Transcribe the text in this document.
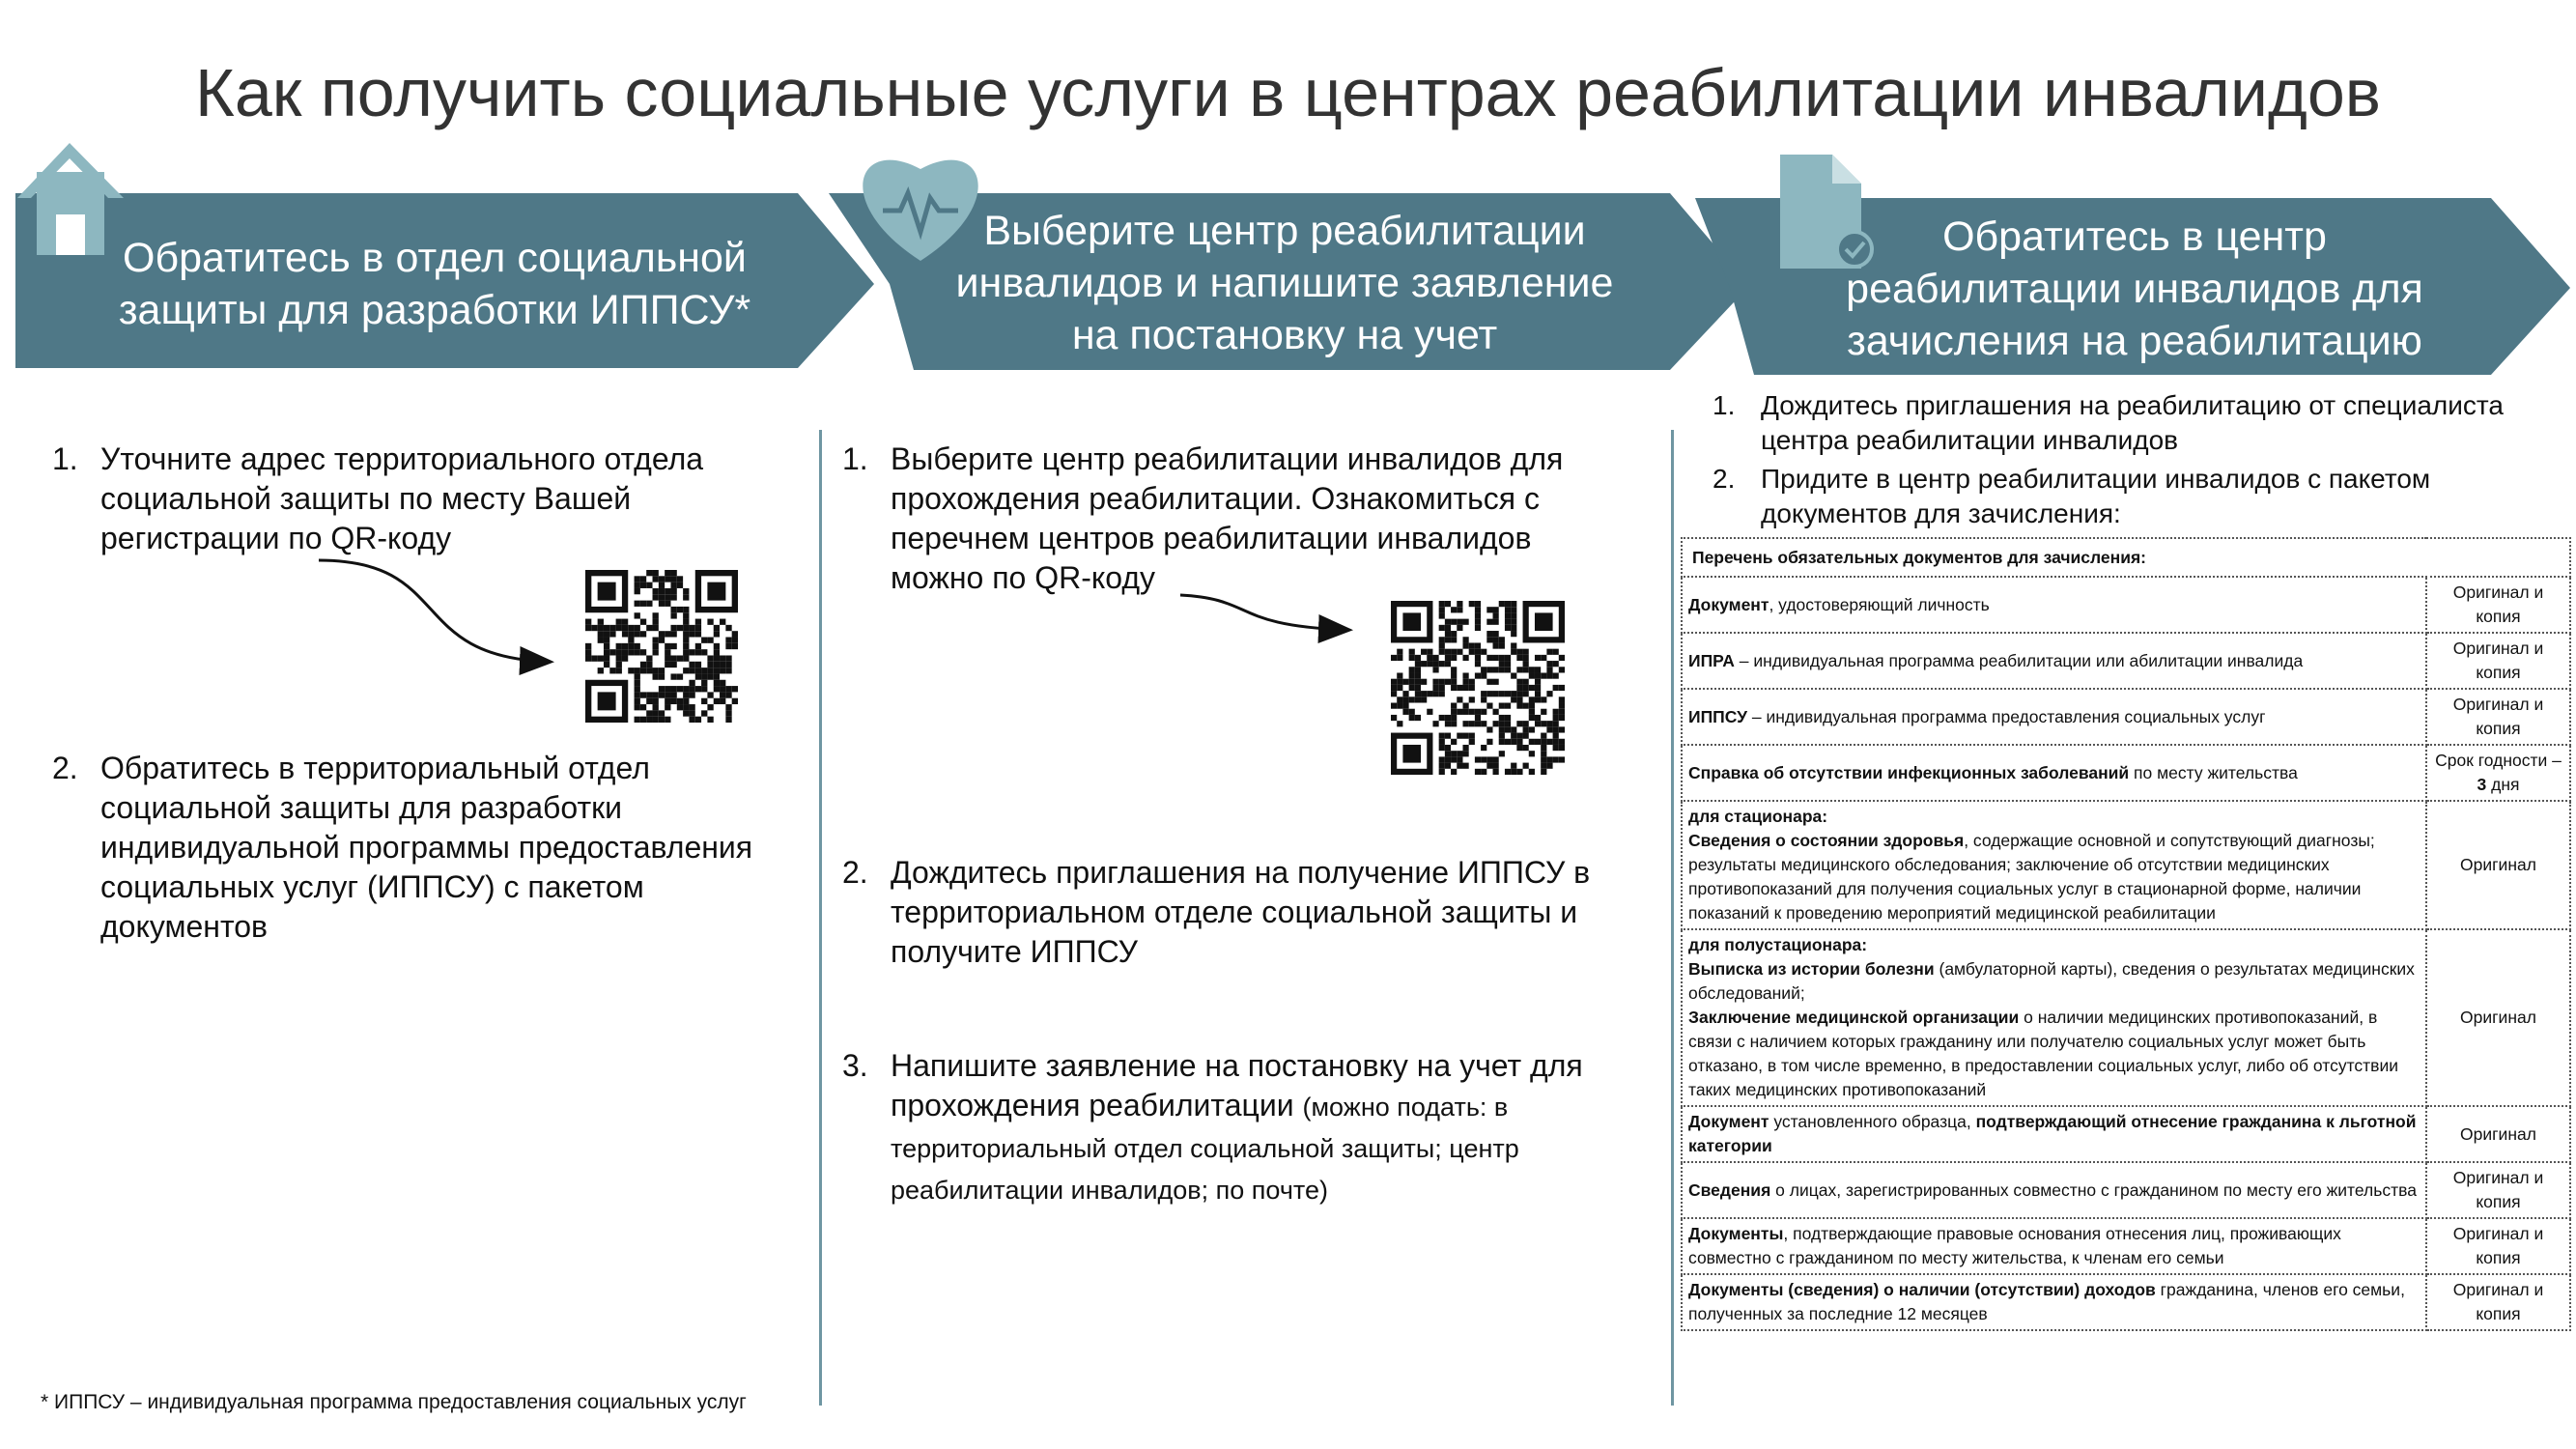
Как получить социальные услуги в центрах реабилитации инвалидов
Обратитесь в отдел социальной защиты для разработки ИППСУ*
Выберите центр реабилитации инвалидов и напишите заявление на постановку на учет
Обратитесь в центр реабилитации инвалидов для зачисления на реабилитацию
1. Уточните адрес территориального отдела социальной защиты по месту Вашей регистрации по QR-коду
2. Обратитесь в территориальный отдел социальной защиты для разработки индивидуальной программы предоставления социальных услуг (ИППСУ) с пакетом документов
1. Выберите центр реабилитации инвалидов для прохождения реабилитации. Ознакомиться с перечнем центров реабилитации инвалидов можно по QR-коду
2. Дождитесь приглашения на получение ИППСУ в территориальном отделе социальной защиты и получите ИППСУ
3. Напишите заявление на постановку на учет для прохождения реабилитации (можно подать: в территориальный отдел социальной защиты; центр реабилитации инвалидов; по почте)
1. Дождитесь приглашения на реабилитацию от специалиста центра реабилитации инвалидов
2. Придите в центр реабилитации инвалидов с пакетом документов для зачисления:
Перечень обязательных документов для зачисления:	
Документ, удостоверяющий личность	Оригинал и копия
ИПРА – индивидуальная программа реабилитации или абилитации инвалида	Оригинал и копия
ИППСУ – индивидуальная программа предоставления социальных услуг	Оригинал и копия
Справка об отсутствии инфекционных заболеваний по месту жительства	Срок годности –
3 дня

для стационара:
Сведения о состоянии здоровья, содержащие основной и сопутствующий диагнозы; результаты медицинского обследования; заключение об отсутствии медицинских противопоказаний для получения социальных услуг в стационарной форме, наличии показаний к проведению мероприятий медицинской реабилитации	Оригинал

для полустационара:
Выписка из истории болезни (амбулаторной карты), сведения о результатах медицинских обследований;
Заключение медицинской организации о наличии медицинских противопоказаний, в связи с наличием которых гражданину или получателю социальных услуг может быть отказано, в том числе временно, в предоставлении социальных услуг, либо об отсутствии таких медицинских противопоказаний	Оригинал
Документ установленного образца, подтверждающий отнесение гражданина к льготной категории	Оригинал
Сведения о лицах, зарегистрированных совместно с гражданином по месту его жительства	Оригинал и копия
Документы, подтверждающие правовые основания отнесения лиц, проживающих совместно с гражданином по месту жительства, к членам его семьи	Оригинал и копия
Документы (сведения) о наличии (отсутствии) доходов гражданина, членов его семьи, полученных за последние 12 месяцев	Оригинал и копия
* ИППСУ – индивидуальная программа предоставления социальных услуг
